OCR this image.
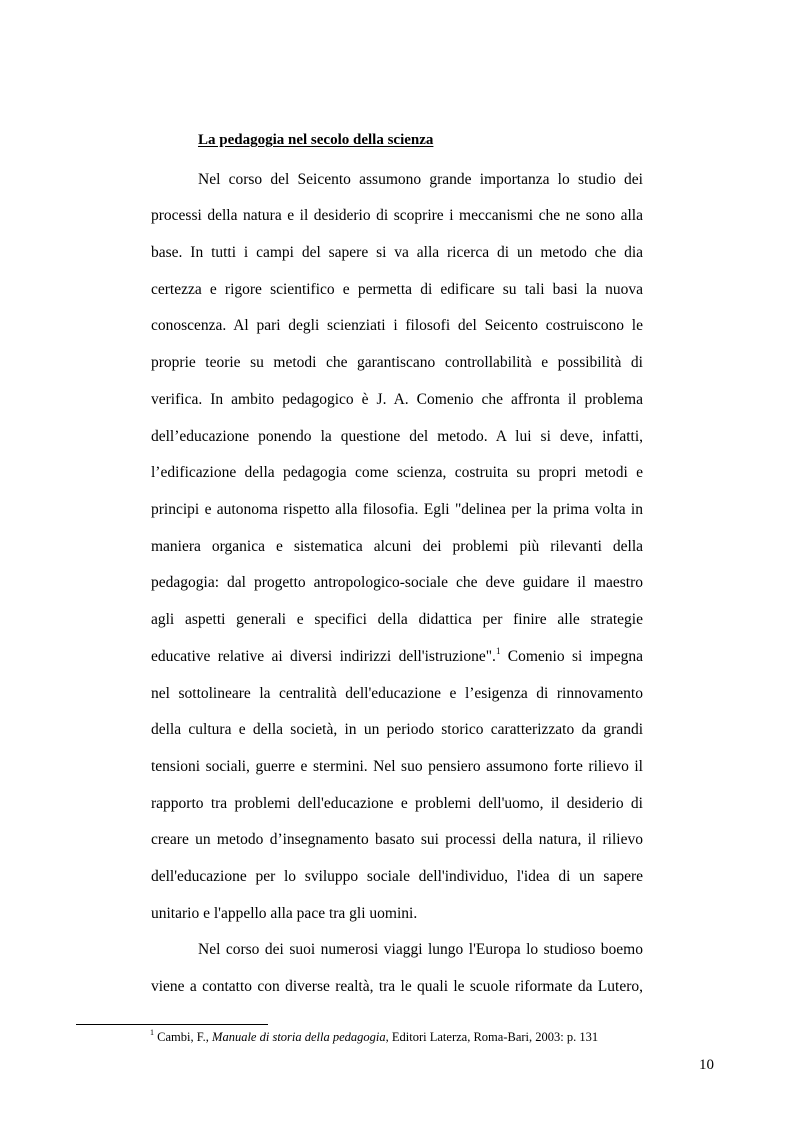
La pedagogia nel secolo della scienza
Nel corso del Seicento assumono grande importanza lo studio dei
processi della natura e il desiderio di scoprire i meccanismi che ne sono alla
base. In tutti i campi del sapere si va alla ricerca di un metodo che dia
certezza e rigore scientifico e permetta di edificare su tali basi la nuova
conoscenza. Al pari degli scienziati i filosofi del Seicento costruiscono le
proprie teorie su metodi che garantiscano controllabilità e possibilità di
verifica. In ambito pedagogico è J. A. Comenio che affronta il problema
dell’educazione ponendo la questione del metodo. A lui si deve, infatti,
l’edificazione della pedagogia come scienza, costruita su propri metodi e
principi e autonoma rispetto alla filosofia. Egli "delinea per la prima volta in
maniera organica e sistematica alcuni dei problemi più rilevanti della
pedagogia: dal progetto antropologico-sociale che deve guidare il maestro
agli aspetti generali e specifici della didattica per finire alle strategie
educative relative ai diversi indirizzi dell'istruzione".$^1$ Comenio si impegna
nel sottolineare la centralità dell'educazione e l’esigenza di rinnovamento
della cultura e della società, in un periodo storico caratterizzato da grandi
tensioni sociali, guerre e stermini. Nel suo pensiero assumono forte rilievo il
rapporto tra problemi dell'educazione e problemi dell'uomo, il desiderio di
creare un metodo d’insegnamento basato sui processi della natura, il rilievo
dell'educazione per lo sviluppo sociale dell'individuo, l'idea di un sapere
unitario e l'appello alla pace tra gli uomini.
Nel corso dei suoi numerosi viaggi lungo l'Europa lo studioso boemo
viene a contatto con diverse realtà, tra le quali le scuole riformate da Lutero,
$^1$ Cambi, F., Manuale di storia della pedagogia, Editori Laterza, Roma-Bari, 2003: p. 131
10
